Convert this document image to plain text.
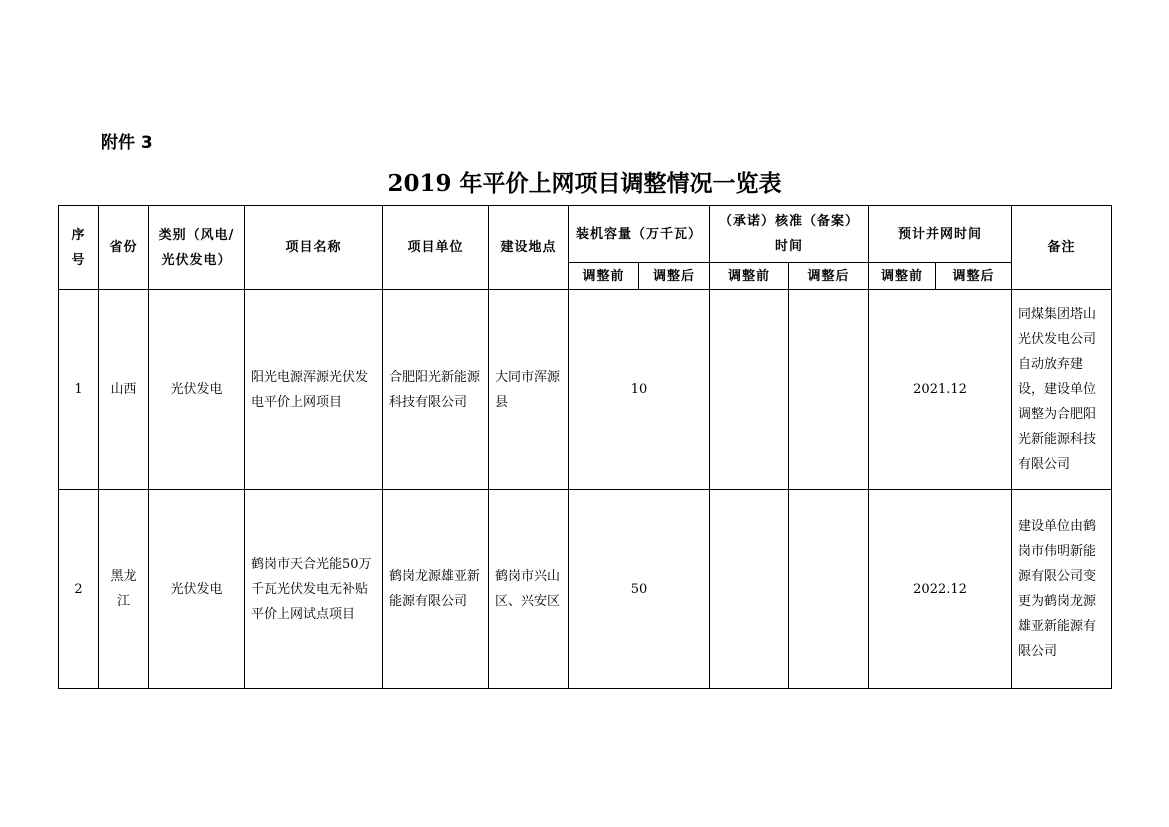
附件 3
2019 年平价上网项目调整情况一览表
序号	省份	类别（风电/光伏发电）	项目名称	项目单位	建设地点	装机容量（万千瓦）		（承诺）核准（备案）时间		预计并网时间		备注
						调整前	调整后	调整前	调整后	调整前	调整后	
1	山西	光伏发电	阳光电源浑源光伏发电平价上网项目	合肥阳光新能源科技有限公司	大同市浑源县	10				2021.12		同煤集团塔山光伏发电公司自动放弃建设，建设单位调整为合肥阳光新能源科技有限公司
2	黑龙江	光伏发电	鹤岗市天合光能50万千瓦光伏发电无补贴平价上网试点项目	鹤岗龙源雄亚新能源有限公司	鹤岗市兴山区、兴安区	50				2022.12		建设单位由鹤岗市伟明新能源有限公司变更为鹤岗龙源雄亚新能源有限公司
